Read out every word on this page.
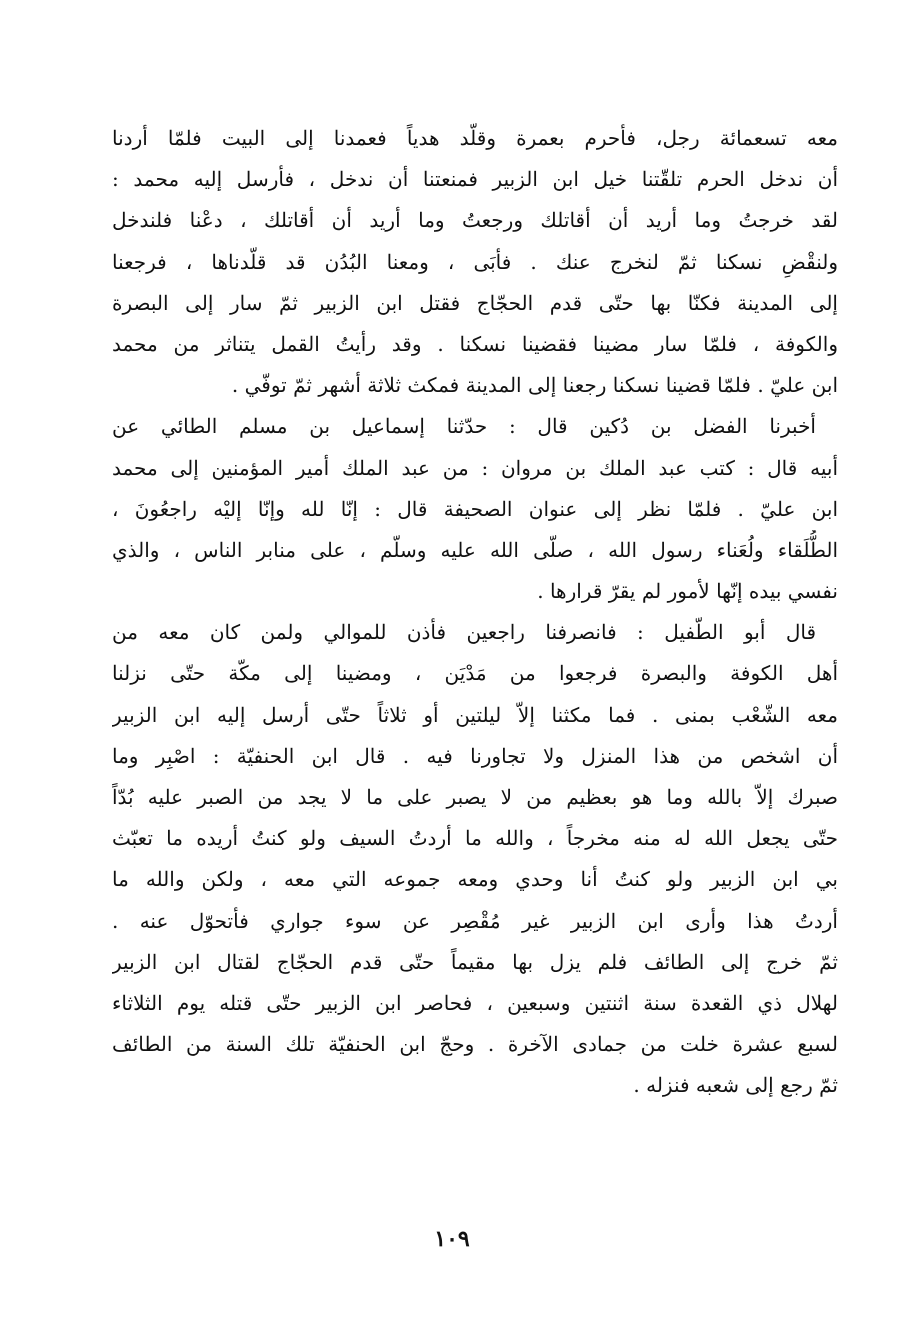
معه تسعمائة رجل، فأحرم بعمرة وقلّد هدياً فعمدنا إلى البيت فلمّا أردنا
أن ندخل الحرم تلقّتنا خيل ابن الزبير فمنعتنا أن ندخل ، فأرسل إليه محمد :
لقد خرجتُ وما أريد أن أقاتلك ورجعتُ وما أريد أن أقاتلك ، دعْنا فلندخل
ولنقْضِ نسكنا ثمّ لنخرج عنك . فأبَى ، ومعنا البُدُن قد قلّدناها ، فرجعنا
إلى المدينة فكنّا بها حتّى قدم الحجّاج فقتل ابن الزبير ثمّ سار إلى البصرة
والكوفة ، فلمّا سار مضينا فقضينا نسكنا . وقد رأيتُ القمل يتناثر من محمد
ابن عليّ . فلمّا قضينا نسكنا رجعنا إلى المدينة فمكث ثلاثة أشهر ثمّ توفّي .
أخبرنا الفضل بن دُكين قال : حدّثنا إسماعيل بن مسلم الطائي عن
أبيه قال : كتب عبد الملك بن مروان : من عبد الملك أمير المؤمنين إلى محمد
ابن عليّ . فلمّا نظر إلى عنوان الصحيفة قال : إنّا لله وإنّا إليْه راجعُونَ ،
الطُّلَقاء ولُعَناء رسول الله ، صلّى الله عليه وسلّم ، على منابر الناس ، والذي
نفسي بيده إنّها لأمور لم يقرّ قرارها .
قال أبو الطّفيل : فانصرفنا راجعين فأذن للموالي ولمن كان معه من
أهل الكوفة والبصرة فرجعوا من مَدْيَن ، ومضينا إلى مكّة حتّى نزلنا
معه الشّعْب بمنى . فما مكثنا إلاّ ليلتين أو ثلاثاً حتّى أرسل إليه ابن الزبير
أن اشخص من هذا المنزل ولا تجاورنا فيه . قال ابن الحنفيّة : اصْبِر وما
صبرك إلاّ بالله وما هو بعظيم من لا يصبر على ما لا يجد من الصبر عليه بُدّاً
حتّى يجعل الله له منه مخرجاً ، والله ما أردتُ السيف ولو كنتُ أريده ما تعبّث
بي ابن الزبير ولو كنتُ أنا وحدي ومعه جموعه التي معه ، ولكن والله ما
أردتُ هذا وأرى ابن الزبير غير مُقْصِر عن سوء جواري فأتحوّل عنه .
ثمّ خرج إلى الطائف فلم يزل بها مقيماً حتّى قدم الحجّاج لقتال ابن الزبير
لهلال ذي القعدة سنة اثنتين وسبعين ، فحاصر ابن الزبير حتّى قتله يوم الثلاثاء
لسبع عشرة خلت من جمادى الآخرة . وحجّ ابن الحنفيّة تلك السنة من الطائف
ثمّ رجع إلى شعبه فنزله .
١٠٩
